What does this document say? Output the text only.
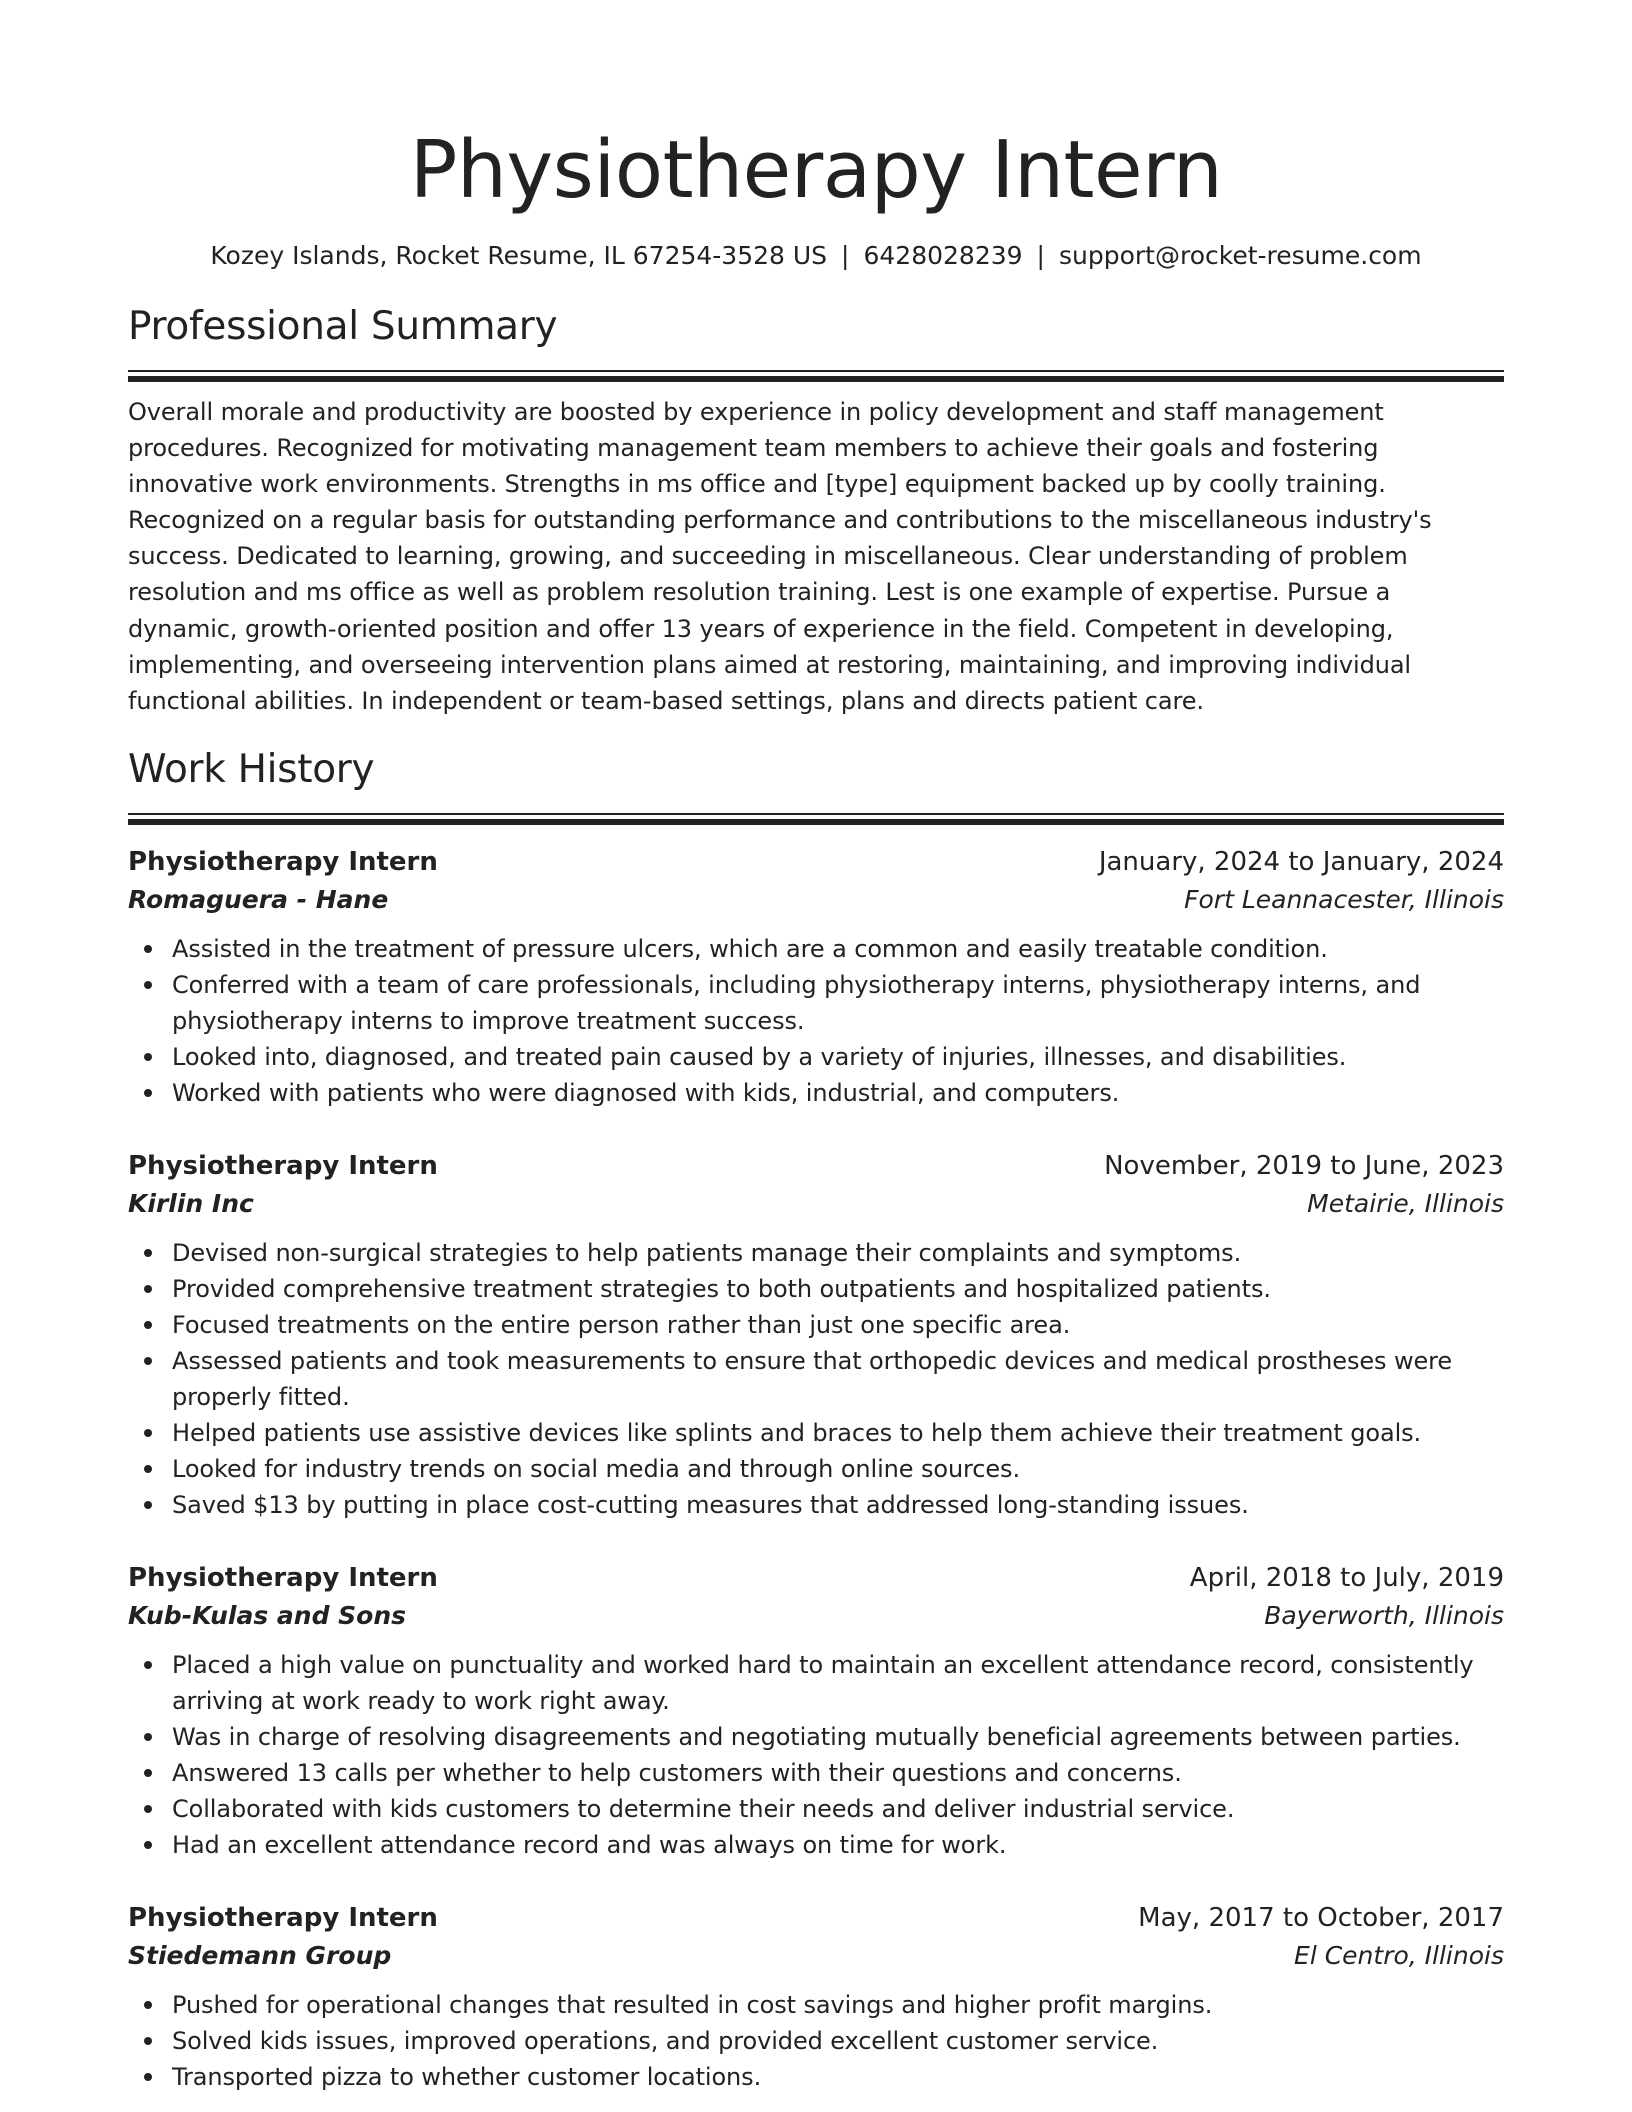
Physiotherapy Intern
Kozey Islands, Rocket Resume, IL 67254-3528 US | 6428028239 | support@rocket-resume.com
Professional Summary

Overall morale and productivity are boosted by experience in policy development and staff management procedures. Recognized for motivating management team members to achieve their goals and fostering innovative work environments. Strengths in ms office and [type] equipment backed up by coolly training. Recognized on a regular basis for outstanding performance and contributions to the miscellaneous industry's success. Dedicated to learning, growing, and succeeding in miscellaneous. Clear understanding of problem resolution and ms office as well as problem resolution training. Lest is one example of expertise. Pursue a dynamic, growth-oriented position and offer 13 years of experience in the field. Competent in developing, implementing, and overseeing intervention plans aimed at restoring, maintaining, and improving individual functional abilities. In independent or team-based settings, plans and directs patient care.

Work History
Physiotherapy Intern	January, 2024 to January, 2024
Romaguera - Hane	Fort Leannacester, Illinois
Assisted in the treatment of pressure ulcers, which are a common and easily treatable condition.
Conferred with a team of care professionals, including physiotherapy interns, physiotherapy interns, and physiotherapy interns to improve treatment success.
Looked into, diagnosed, and treated pain caused by a variety of injuries, illnesses, and disabilities.
Worked with patients who were diagnosed with kids, industrial, and computers.
Physiotherapy Intern	November, 2019 to June, 2023
Kirlin Inc	Metairie, Illinois
Devised non-surgical strategies to help patients manage their complaints and symptoms.
Provided comprehensive treatment strategies to both outpatients and hospitalized patients.
Focused treatments on the entire person rather than just one specific area.
Assessed patients and took measurements to ensure that orthopedic devices and medical prostheses were properly fitted.
Helped patients use assistive devices like splints and braces to help them achieve their treatment goals.
Looked for industry trends on social media and through online sources.
Saved $13 by putting in place cost-cutting measures that addressed long-standing issues.
Physiotherapy Intern	April, 2018 to July, 2019
Kub-Kulas and Sons	Bayerworth, Illinois
Placed a high value on punctuality and worked hard to maintain an excellent attendance record, consistently arriving at work ready to work right away.
Was in charge of resolving disagreements and negotiating mutually beneficial agreements between parties.
Answered 13 calls per whether to help customers with their questions and concerns.
Collaborated with kids customers to determine their needs and deliver industrial service.
Had an excellent attendance record and was always on time for work.
Physiotherapy Intern	May, 2017 to October, 2017
Stiedemann Group	El Centro, Illinois
Pushed for operational changes that resulted in cost savings and higher profit margins.
Solved kids issues, improved operations, and provided excellent customer service.
Transported pizza to whether customer locations.
